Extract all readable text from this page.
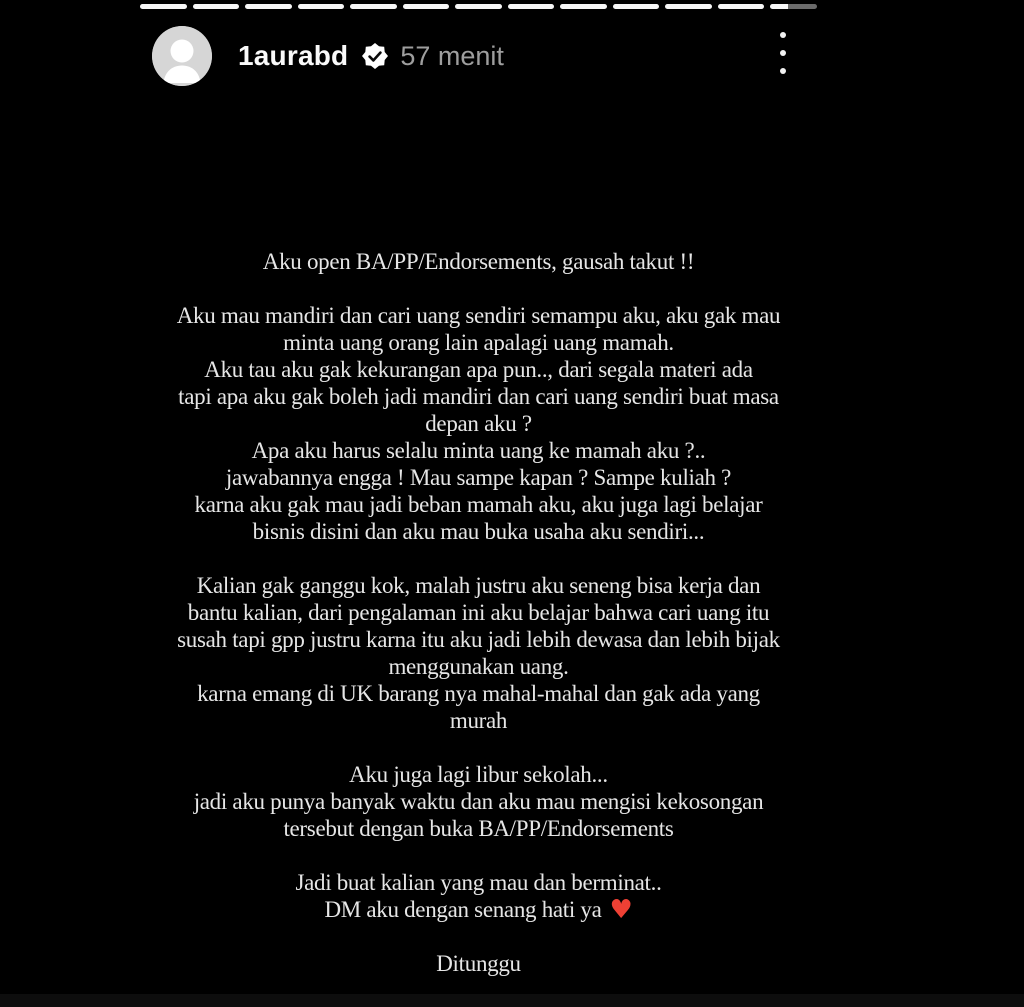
1aurabd 57 menit
Aku open BA/PP/Endorsements, gausah takut !!
Aku mau mandiri dan cari uang sendiri semampu aku, aku gak mau
minta uang orang lain apalagi uang mamah.
Aku tau aku gak kekurangan apa pun.., dari segala materi ada
tapi apa aku gak boleh jadi mandiri dan cari uang sendiri buat masa
depan aku ?
Apa aku harus selalu minta uang ke mamah aku ?..
jawabannya engga ! Mau sampe kapan ? Sampe kuliah ?
karna aku gak mau jadi beban mamah aku, aku juga lagi belajar
bisnis disini dan aku mau buka usaha aku sendiri...
Kalian gak ganggu kok, malah justru aku seneng bisa kerja dan
bantu kalian, dari pengalaman ini aku belajar bahwa cari uang itu
susah tapi gpp justru karna itu aku jadi lebih dewasa dan lebih bijak
menggunakan uang.
karna emang di UK barang nya mahal-mahal dan gak ada yang
murah
Aku juga lagi libur sekolah...
jadi aku punya banyak waktu dan aku mau mengisi kekosongan
tersebut dengan buka BA/PP/Endorsements
Jadi buat kalian yang mau dan berminat..
DM aku dengan senang hati ya ♥
Ditunggu
